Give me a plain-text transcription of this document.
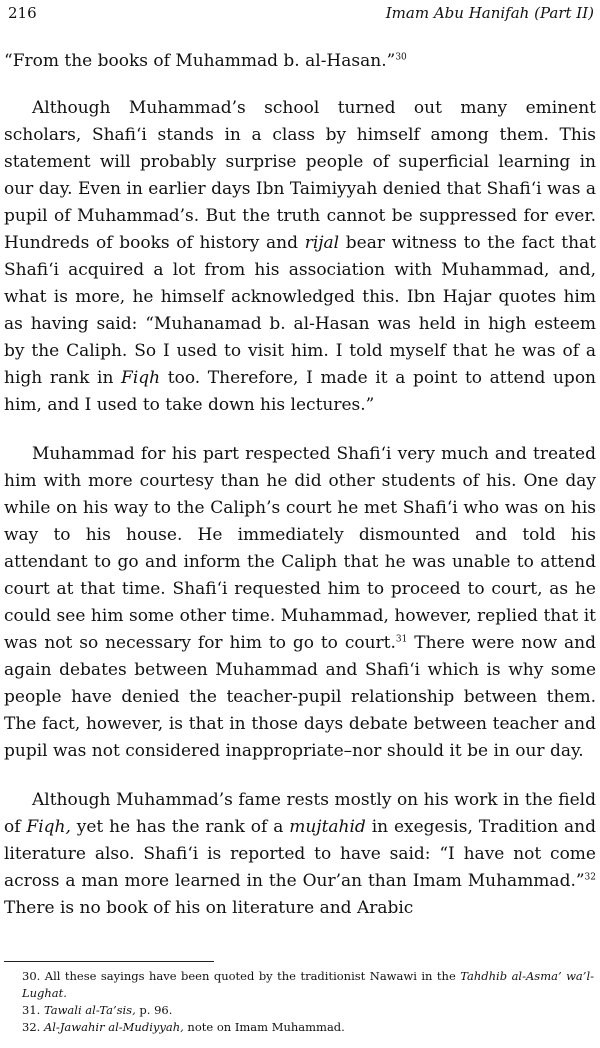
216	Imam Abu Hanifah (Part II)

“From the books of Muhammad b. al-Hasan.”$^{30}$

Although Muhammad’s school turned out many eminent scholars, Shafi‘i stands in a class by himself among them. This statement will probably surprise people of superficial learning in our day. Even in earlier days Ibn Taimiyyah denied that Shafi‘i was a pupil of Muhammad’s. But the truth cannot be suppressed for ever. Hundreds of books of history and rijal bear witness to the fact that Shafi‘i acquired a lot from his association with Muhammad, and, what is more, he himself acknowledged this. Ibn Hajar quotes him as having said: “Muhanamad b. al-Hasan was held in high esteem by the Caliph. So I used to visit him. I told myself that he was of a high rank in Fiqh too. Therefore, I made it a point to attend upon him, and I used to take down his lectures.”

Muhammad for his part respected Shafi‘i very much and treated him with more courtesy than he did other students of his. One day while on his way to the Caliph’s court he met Shafi‘i who was on his way to his house. He immediately dismounted and told his attendant to go and inform the Caliph that he was unable to attend court at that time. Shafi‘i requested him to proceed to court, as he could see him some other time. Muhammad, however, replied that it was not so necessary for him to go to court.$^{31}$ There were now and again debates between Muhammad and Shafi‘i which is why some people have denied the teacher-pupil relationship between them. The fact, however, is that in those days debate between teacher and pupil was not considered inappropriate–nor should it be in our day.

Although Muhammad’s fame rests mostly on his work in the field of Fiqh, yet he has the rank of a mujtahid in exegesis, Tradition and literature also. Shafi‘i is reported to have said: “I have not come across a man more learned in the Our’an than Imam Muhammad.”$^{32}$ There is no book of his on literature and Arabic

30. All these sayings have been quoted by the traditionist Nawawi in the Tahdhib al-Asma’ wa’l-Lughat.
31. Tawali al-Ta’sis, p. 96.
32. Al-Jawahir al-Mudiyyah, note on Imam Muhammad.
